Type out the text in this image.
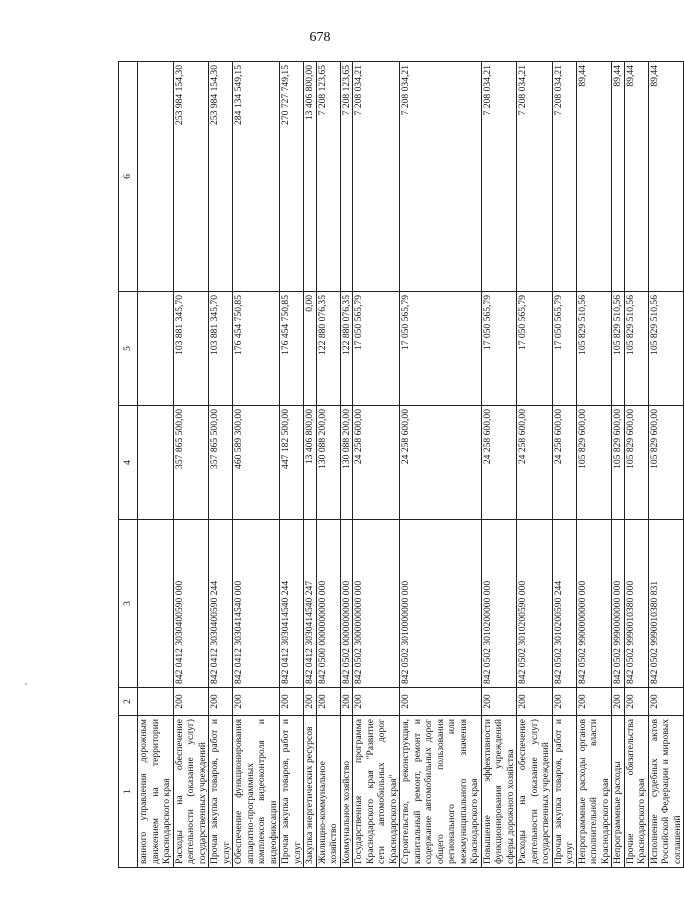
678
1	2	3	4	5	6
ванного управления дорожным движением на территории Краснодарского края					
Расходы на обеспечение деятельности (оказание услуг) государственных учреждений	200	842 0412 3030400590 000	357 865 500,00	103 881 345,70	253 984 154,30
Прочая закупка товаров, работ и услуг	200	842 0412 3030400590 244	357 865 500,00	103 881 345,70	253 984 154,30
Обеспечение функционирования аппаратно-программных комплексов видеоконтроля и видеофиксации	200	842 0412 3030414540 000	460 589 300,00	176 454 750,85	284 134 549,15
Прочая закупка товаров, работ и услуг	200	842 0412 3030414540 244	447 182 500,00	176 454 750,85	270 727 749,15
Закупка энергетических ресурсов	200	842 0412 3030414540 247	13 406 800,00	0,00	13 406 800,00
Жилищно-коммунальное хозяйство	200	842 0500 0000000000 000	130 088 200,00	122 880 076,35	7 208 123,65
Коммунальное хозяйство	200	842 0502 0000000000 000	130 088 200,00	122 880 076,35	7 208 123,65
Государственная программа Краснодарского края "Развитие сети автомобильных дорог Краснодарского края"	200	842 0502 3000000000 000	24 258 600,00	17 050 565,79	7 208 034,21
Строительство, реконструкция, капитальный ремонт, ремонт и содержание автомобильных дорог общего пользования регионального или межмуниципального значения Краснодарского края	200	842 0502 3010000000 000	24 258 600,00	17 050 565,79	7 208 034,21
Повышение эффективности функционирования учреждений сферы дорожного хозяйства	200	842 0502 3010200000 000	24 258 600,00	17 050 565,79	7 208 034,21
Расходы на обеспечение деятельности (оказание услуг) государственных учреждений	200	842 0502 3010200590 000	24 258 600,00	17 050 565,79	7 208 034,21
Прочая закупка товаров, работ и услуг	200	842 0502 3010200590 244	24 258 600,00	17 050 565,79	7 208 034,21
Непрограммные расходы органов исполнительной власти Краснодарского края	200	842 0502 9900000000 000	105 829 600,00	105 829 510,56	89,44
Непрограммные расходы	200	842 0502 9990000000 000	105 829 600,00	105 829 510,56	89,44
Прочие обязательства Краснодарского края	200	842 0502 9990010380 000	105 829 600,00	105 829 510,56	89,44
Исполнение судебных актов Российской Федерации и мировых соглашений	200	842 0502 9990010380 831	105 829 600,00	105 829 510,56	89,44
